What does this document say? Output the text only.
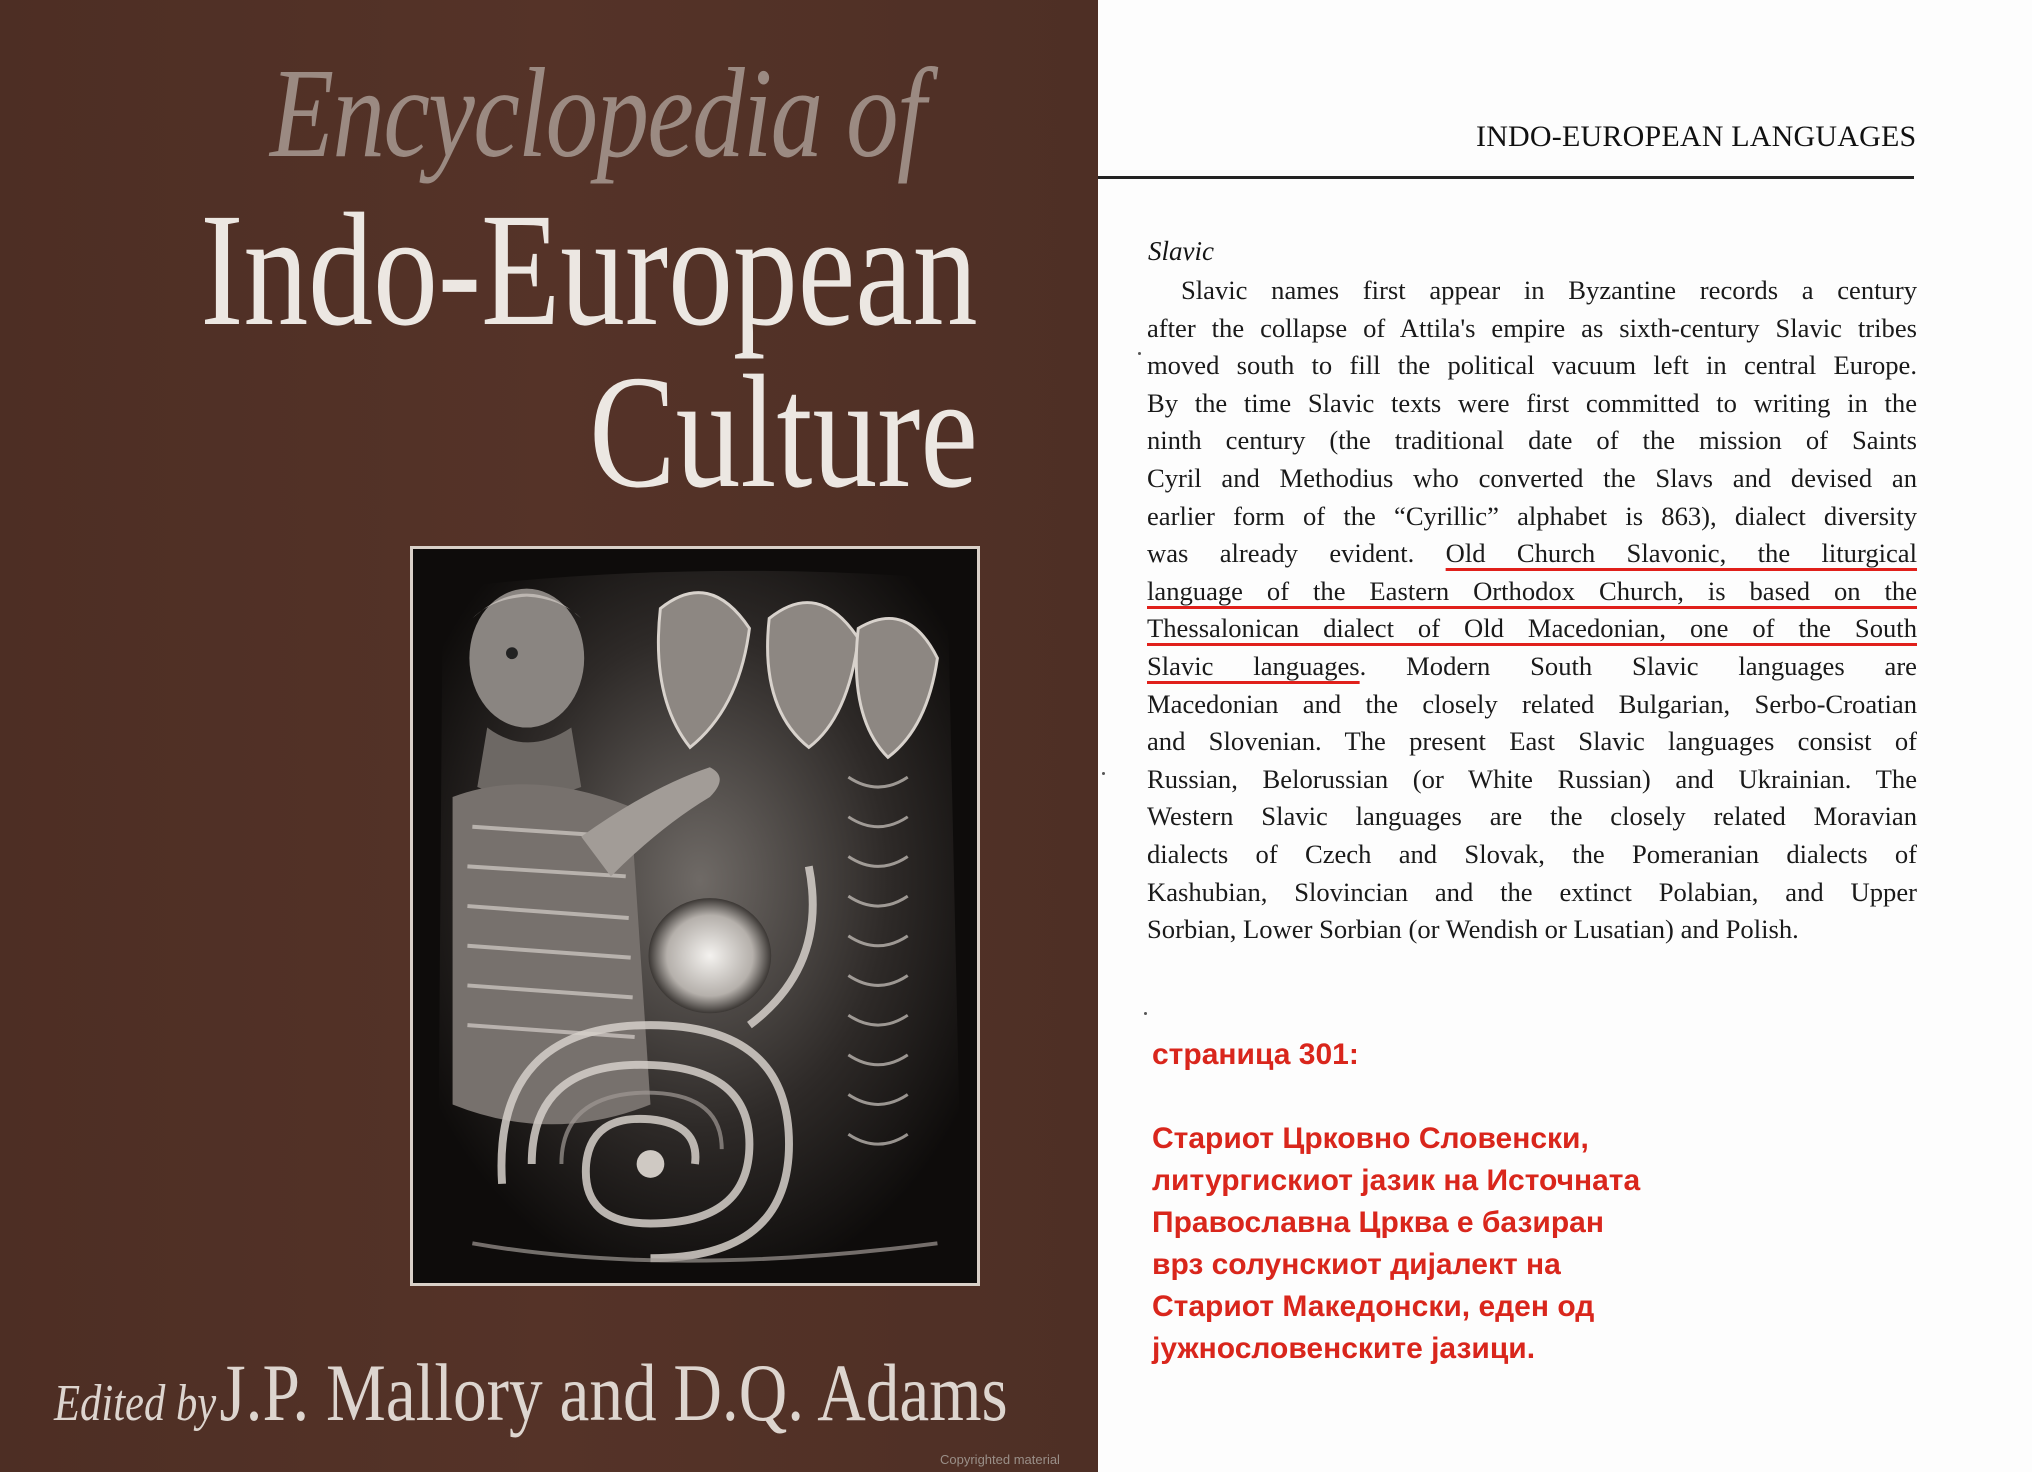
Encyclopedia of
Indo-European
Culture
Edited by J.P. Mallory and D.Q. Adams
Copyrighted material
INDO-EUROPEAN LANGUAGES
Slavic
Slavic names first appear in Byzantine records a century
after the collapse of Attila's empire as sixth-century Slavic tribes
moved south to fill the political vacuum left in central Europe.
By the time Slavic texts were first committed to writing in the
ninth century (the traditional date of the mission of Saints
Cyril and Methodius who converted the Slavs and devised an
earlier form of the “Cyrillic” alphabet is 863), dialect diversity
was already evident. Old Church Slavonic, the liturgical
language of the Eastern Orthodox Church, is based on the
Thessalonican dialect of Old Macedonian, one of the South
Slavic languages. Modern South Slavic languages are
Macedonian and the closely related Bulgarian, Serbo-Croatian
and Slovenian. The present East Slavic languages consist of
Russian, Belorussian (or White Russian) and Ukrainian. The
Western Slavic languages are the closely related Moravian
dialects of Czech and Slovak, the Pomeranian dialects of
Kashubian, Slovincian and the extinct Polabian, and Upper
Sorbian, Lower Sorbian (or Wendish or Lusatian) and Polish.
страница 301:
Стариот Црковно Словенски,
литургискиот јазик на Источната
Православна Црква е базиран
врз солунскиот дијалект на
Стариот Македонски, еден од
јужнословенските јазици.
